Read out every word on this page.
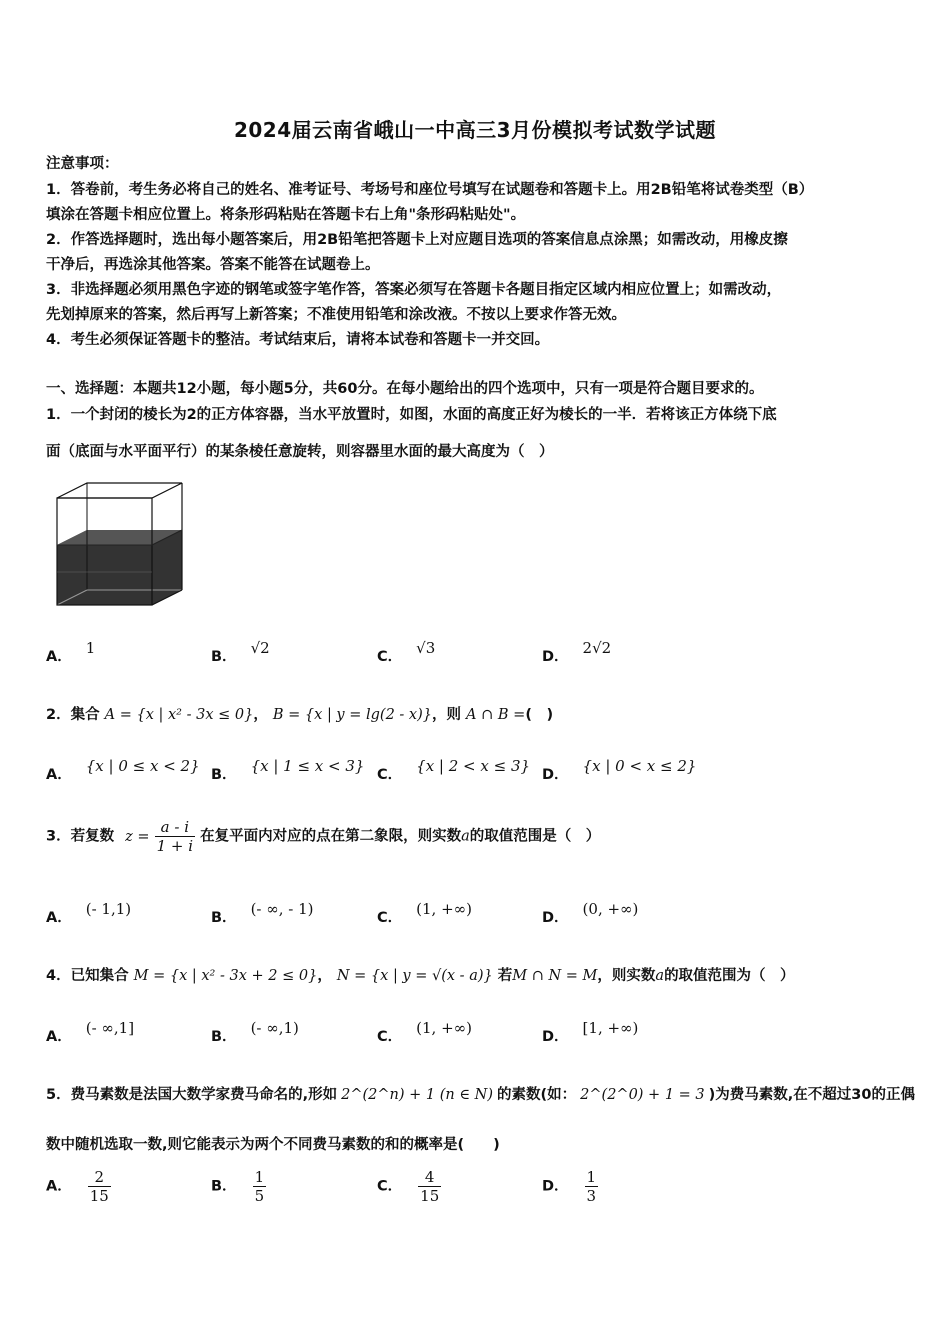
2024届云南省峨山一中高三3月份模拟考试数学试题
注意事项：
1．答卷前，考生务必将自己的姓名、准考证号、考场号和座位号填写在试题卷和答题卡上。用2B铅笔将试卷类型（B）
填涂在答题卡相应位置上。将条形码粘贴在答题卡右上角"条形码粘贴处"。
2．作答选择题时，选出每小题答案后，用2B铅笔把答题卡上对应题目选项的答案信息点涂黑；如需改动，用橡皮擦
干净后，再选涂其他答案。答案不能答在试题卷上。
3．非选择题必须用黑色字迹的钢笔或签字笔作答，答案必须写在答题卡各题目指定区域内相应位置上；如需改动，
先划掉原来的答案，然后再写上新答案；不准使用铅笔和涂改液。不按以上要求作答无效。
4．考生必须保证答题卡的整洁。考试结束后，请将本试卷和答题卡一并交回。
一、选择题：本题共12小题，每小题5分，共60分。在每小题给出的四个选项中，只有一项是符合题目要求的。
1．一个封闭的棱长为2的正方体容器，当水平放置时，如图，水面的高度正好为棱长的一半．若将该正方体绕下底
面（底面与水平面平行）的某条棱任意旋转，则容器里水面的最大高度为（　）
A． 1	B． √2	C． √3	D． 2√2
2．集合 A = {x | x² - 3x ≤ 0}， B = {x | y = lg(2 - x)}，则 A ∩ B =(　)
A． {x | 0 ≤ x < 2} B． {x | 1 ≤ x < 3} C． {x | 2 < x ≤ 3} D． {x | 0 < x ≤ 2}
3．若复数 $z = \frac{a - i}{1 + i}$ 在复平面内对应的点在第二象限，则实数a的取值范围是（　）
A． (- 1,1)	B． (- ∞, - 1)	C． (1, +∞)	D． (0, +∞)
4．已知集合 M = {x | x² - 3x + 2 ≤ 0}， N = {x | y = √(x - a)} 若M ∩ N = M，则实数a的取值范围为（　）
A． (- ∞,1]	B． (- ∞,1)	C． (1, +∞)	D． [1, +∞)
5．费马素数是法国大数学家费马命名的,形如 2^(2^n) + 1 (n ∈ N) 的素数(如： 2^(2^0) + 1 = 3 )为费马素数,在不超过30的正偶
数中随机选取一数,则它能表示为两个不同费马素数的和的概率是(　　)
A． $\frac{2}{15}$	B． $\frac{1}{5}$	C． $\frac{4}{15}$	D． $\frac{1}{3}$
